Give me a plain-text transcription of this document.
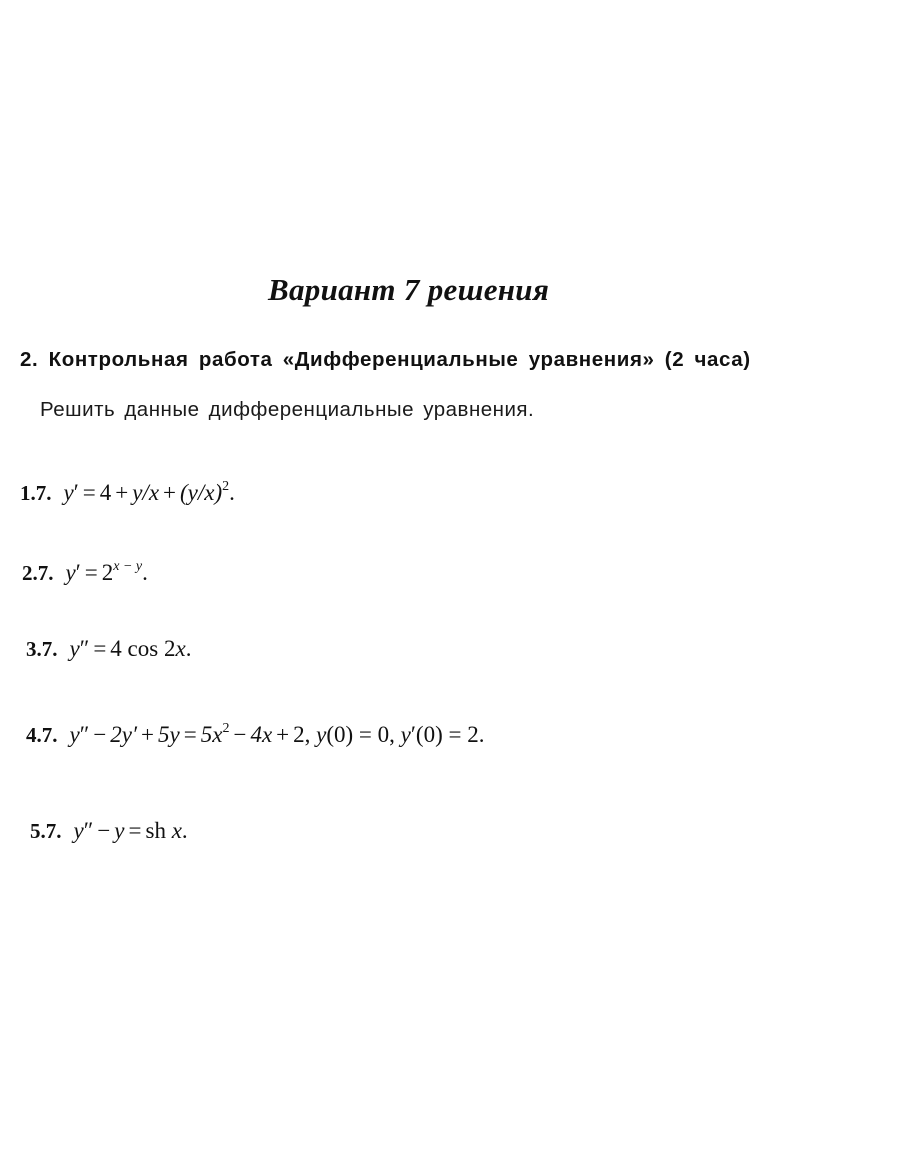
Вариант 7 решения
2. Контрольная работа «Дифференциальные уравнения» (2 часа)
Решить данные дифференциальные уравнения.
1.7. $y' = 4 + y/x + (y/x)^2$.
2.7. $y' = 2^{x - y}$.
3.7. y″ = 4 cos 2x.
4.7. $y'' - 2y' + 5y = 5x^2 - 4x + 2$, y(0) = 0, y′(0) = 2.
5.7. y″ − y = sh x.
